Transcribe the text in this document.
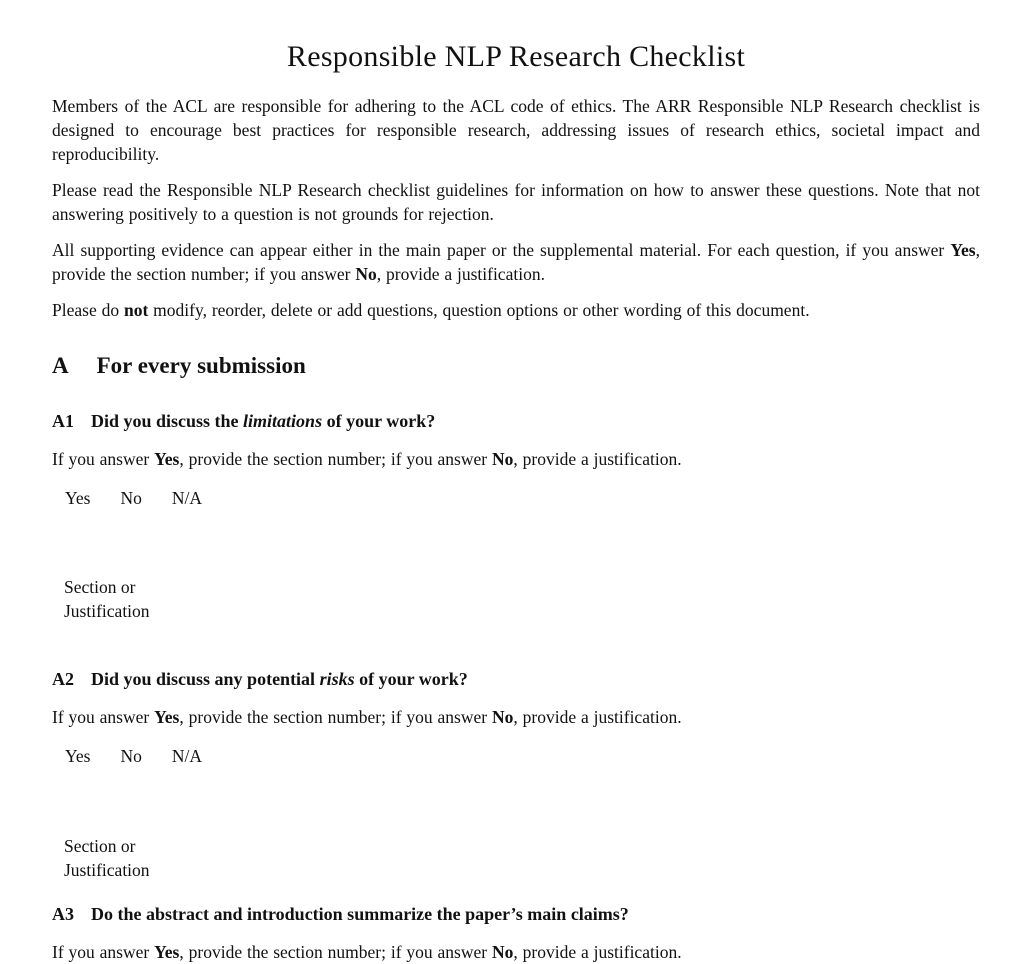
Responsible NLP Research Checklist

Members of the ACL are responsible for adhering to the ACL code of ethics. The ARR Responsible NLP Research checklist is designed to encourage best practices for responsible research, addressing issues of research ethics, societal impact and reproducibility.

Please read the Responsible NLP Research checklist guidelines for information on how to answer these questions. Note that not answering positively to a question is not grounds for rejection.

All supporting evidence can appear either in the main paper or the supplemental material. For each question, if you answer Yes, provide the section number; if you answer No, provide a justification.

Please do not modify, reorder, delete or add questions, question options or other wording of this document.

A For every submission
A1 Did you discuss the limitations of your work?

If you answer Yes, provide the section number; if you answer No, provide a justification.

Yes No N/A
Section or
Justification
A2 Did you discuss any potential risks of your work?

If you answer Yes, provide the section number; if you answer No, provide a justification.

Yes No N/A
Section or
Justification
A3 Do the abstract and introduction summarize the paper’s main claims?

If you answer Yes, provide the section number; if you answer No, provide a justification.
